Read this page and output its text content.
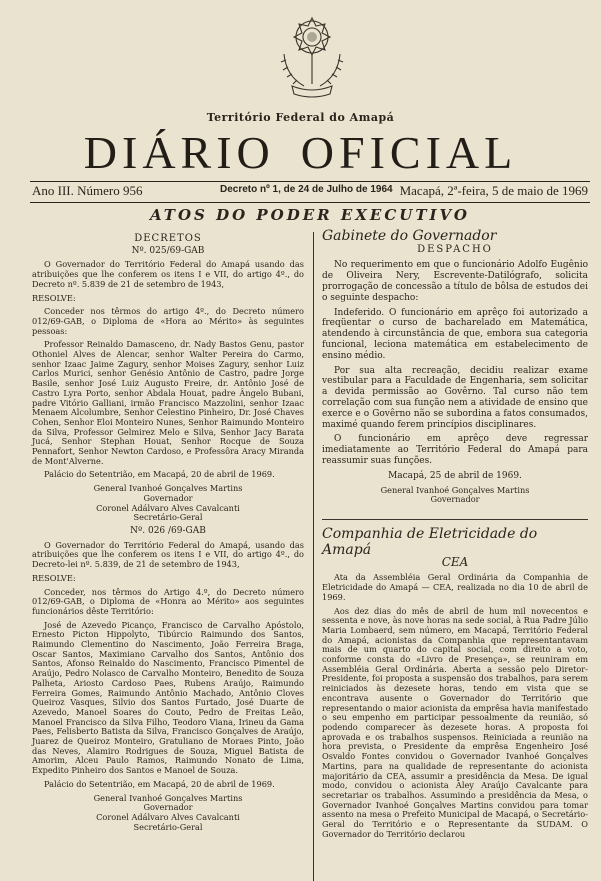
Território Federal do Amapá
DIÁRIO OFICIAL
Ano III. Número 956	Decreto nº 1, de 24 de Julho de 1964 Macapá, 2ª-feira, 5 de maio de 1969
ATOS DO PODER EXECUTIVO
DECRETOS
Nº. 025/69-GAB

O Governador do Território Federal do Amapá usando das atribuições que lhe conferem os itens I e VII, do artigo 4º., do Decreto nº. 5.839 de 21 de setembro de 1943,

RESOLVE:

Conceder nos têrmos do artigo 4º., do Decreto número 012/69-GAB, o Diploma de «Hora ao Mérito» às seguintes pessoas:

Professor Reinaldo Damasceno, dr. Nady Bastos Genu, pastor Othoniel Alves de Alencar, senhor Walter Pereira do Carmo, senhor Izaac Jaime Zagury, senhor Moises Zagury, senhor Luiz Carlos Murici, senhor Genésio Antônio de Castro, padre Jorge Basile, senhor José Luiz Augusto Freire, dr. Antônio José de Castro Lyra Porto, senhor Abdala Houat, padre Ângelo Bubani, padre Vitório Galliani, irmão Francisco Mazzolini, senhor Izaac Menaem Alcolumbre, Senhor Celestino Pinheiro, Dr. José Chaves Cohen, Senhor Eloi Monteiro Nunes, Senhor Raimundo Monteiro da Silva, Professor Gelmirez Melo e Silva, Senhor Jacy Barata Jucá, Senhor Stephan Houat, Senhor Rocque de Souza Pennafort, Senhor Newton Cardoso, e Professôra Aracy Miranda de Mont'Alverne.

Palácio do Setentrião, em Macapá, 20 de abril de 1969.

General Ivanhoé Gonçalves Martins
Governador
Coronel Adálvaro Alves Cavalcanti
Secretário-Geral
Nº. 026 /69-GAB

O Governador do Território Federal do Amapá, usando das atribuições que lhe conferem os itens I e VII, do artigo 4º., do Decreto-lei nº. 5.839, de 21 de setembro de 1943,

RESOLVE:

Conceder, nos têrmos do Artigo 4.º, do Decreto número 012/69-GAB, o Diploma de «Honra ao Mérito» aos seguintes funcionários dêste Território:

José de Azevedo Picanço, Francisco de Carvalho Apóstolo, Ernesto Picton Hippolyto, Tibúrcio Raimundo dos Santos, Raimundo Clementino do Nascimento, João Ferreira Braga, Oscar Santos, Maximiano Carvalho dos Santos, Antônio dos Santos, Afonso Reinaldo do Nascimento, Francisco Pimentel de Araújo, Pedro Nolasco de Carvalho Monteiro, Benedito de Souza Palheta, Ariosto Cardoso Paes, Rubens Araújo, Raimundo Ferreira Gomes, Raimundo Antônio Machado, Antônio Cloves Queiroz Vasques, Silvio dos Santos Furtado, José Duarte de Azevedo, Manoel Soares do Couto, Pedro de Freitas Leão, Manoel Francisco da Silva Filho, Teodoro Viana, Irineu da Gama Paes, Felisberto Batista da Silva, Francisco Gonçalves de Araújo, Juarez de Queiroz Monteiro, Gratuliano de Moraes Pinto, João das Neves, Alamiro Rodrigues de Souza, Miguel Batista de Amorim, Alceu Paulo Ramos, Raimundo Nonato de Lima, Expedito Pinheiro dos Santos e Manoel de Souza.

Palácio do Setentrião, em Macapá, 20 de abril de 1969.

General Ivanhoé Gonçalves Martins
Governador
Coronel Adálvaro Alves Cavalcanti
Secretário-Geral
Gabinete do Governador
DESPACHO

No requerimento em que o funcionário Adolfo Eugênio de Oliveira Nery, Escrevente-Datilógrafo, solicita prorrogação de concessão a título de bôlsa de estudos dei o seguinte despacho:

Indeferido. O funcionário em aprêço foi autorizado a freqüentar o curso de bacharelado em Matemática, atendendo à circunstância de que, embora sua categoria funcional, leciona matemática em estabelecimento de ensino médio.

Por sua alta recreação, decidiu realizar exame vestibular para a Faculdade de Engenharia, sem solicitar a devida permissão ao Govêrno. Tal curso não tem correlação com sua função nem a atividade de ensino que exerce e o Govêrno não se subordina a fatos consumados, maximé quando ferem princípios disciplinares.

O funcionário em aprêço deve regressar imediatamente ao Território Federal do Amapá para reassumir suas funções.

Macapá, 25 de abril de 1969.

General Ivanhoé Gonçalves Martins
Governador
Companhia de Eletricidade do Amapá
CEA

Ata da Assembléia Geral Ordinária da Companhia de Eletricidade do Amapá — CEA, realizada no dia 10 de abril de 1969.

Aos dez dias do mês de abril de hum mil novecentos e sessenta e nove, às nove horas na sede social, à Rua Padre Júlio Maria Lombaerd, sem número, em Macapá, Território Federal do Amapá, acionistas da Companhia que representantavam mais de um quarto do capital social, com direito a voto, conforme consta do «Livro de Presença», se reuniram em Assembléia Geral Ordinária. Aberta a sessão pelo Diretor-Presidente, foi proposta a suspensão dos trabalhos, para serem reiniciados às dezesete horas, tendo em vista que se encontrava ausente o Governador do Território que representando o maior acionista da emprêsa havia manifestado o seu empenho em participar pessoalmente da reunião, só podendo comparecer às dezesete horas. A proposta foi aprovada e os trabalhos suspensos. Reiniciada a reunião na hora prevista, o Presidente da emprêsa Engenheiro José Osvaldo Fontes convidou o Governador Ivanhoé Gonçalves Martins, para na qualidade de representante do acionista majoritário da CEA, assumir a presidência da Mesa. De igual modo, convidou o acionista Aley Araújo Cavalcante para secretariar os trabalhos. Assumindo a presidência da Mesa, o Governador Ivanhoé Gonçalves Martins convidou para tomar assento na mesa o Prefeito Municipal de Macapá, o Secretário-Geral do Território e o Representante da SUDAM. O Governador do Território declarou
